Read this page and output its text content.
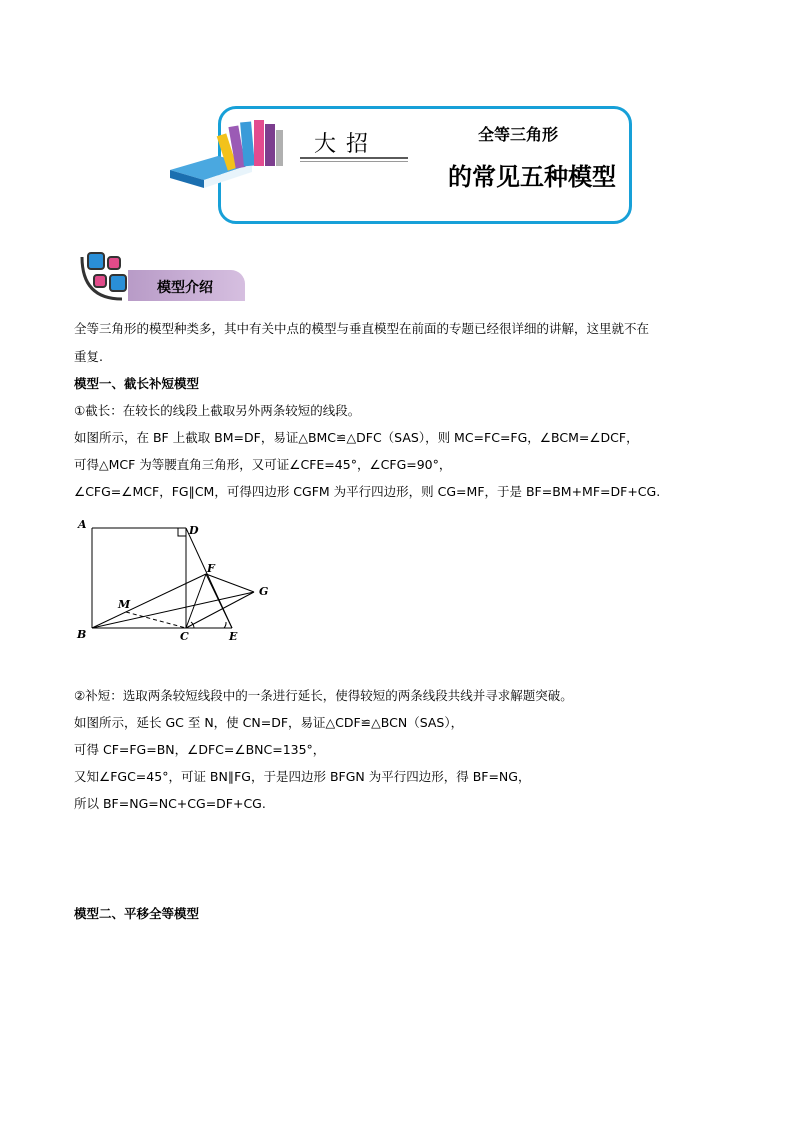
大招	全等三角形
的常见五种模型
模型介绍
全等三角形的模型种类多，其中有关中点的模型与垂直模型在前面的专题已经很详细的讲解，这里就不在
重复.
模型一、截长补短模型
①截长：在较长的线段上截取另外两条较短的线段。
如图所示，在 BF 上截取 BM=DF，易证△BMC≌△DFC（SAS），则 MC=FC=FG，∠BCM=∠DCF，
可得△MCF 为等腰直角三角形，又可证∠CFE=45°，∠CFG=90°，
∠CFG=∠MCF，FG∥CM，可得四边形 CGFM 为平行四边形，则 CG=MF，于是 BF=BM+MF=DF+CG.
A	D
F
G
M
B	C	E
②补短：选取两条较短线段中的一条进行延长，使得较短的两条线段共线并寻求解题突破。
如图所示，延长 GC 至 N，使 CN=DF，易证△CDF≌△BCN（SAS），
可得 CF=FG=BN，∠DFC=∠BNC=135°，
又知∠FGC=45°，可证 BN∥FG，于是四边形 BFGN 为平行四边形，得 BF=NG，
所以 BF=NG=NC+CG=DF+CG.
模型二、平移全等模型
